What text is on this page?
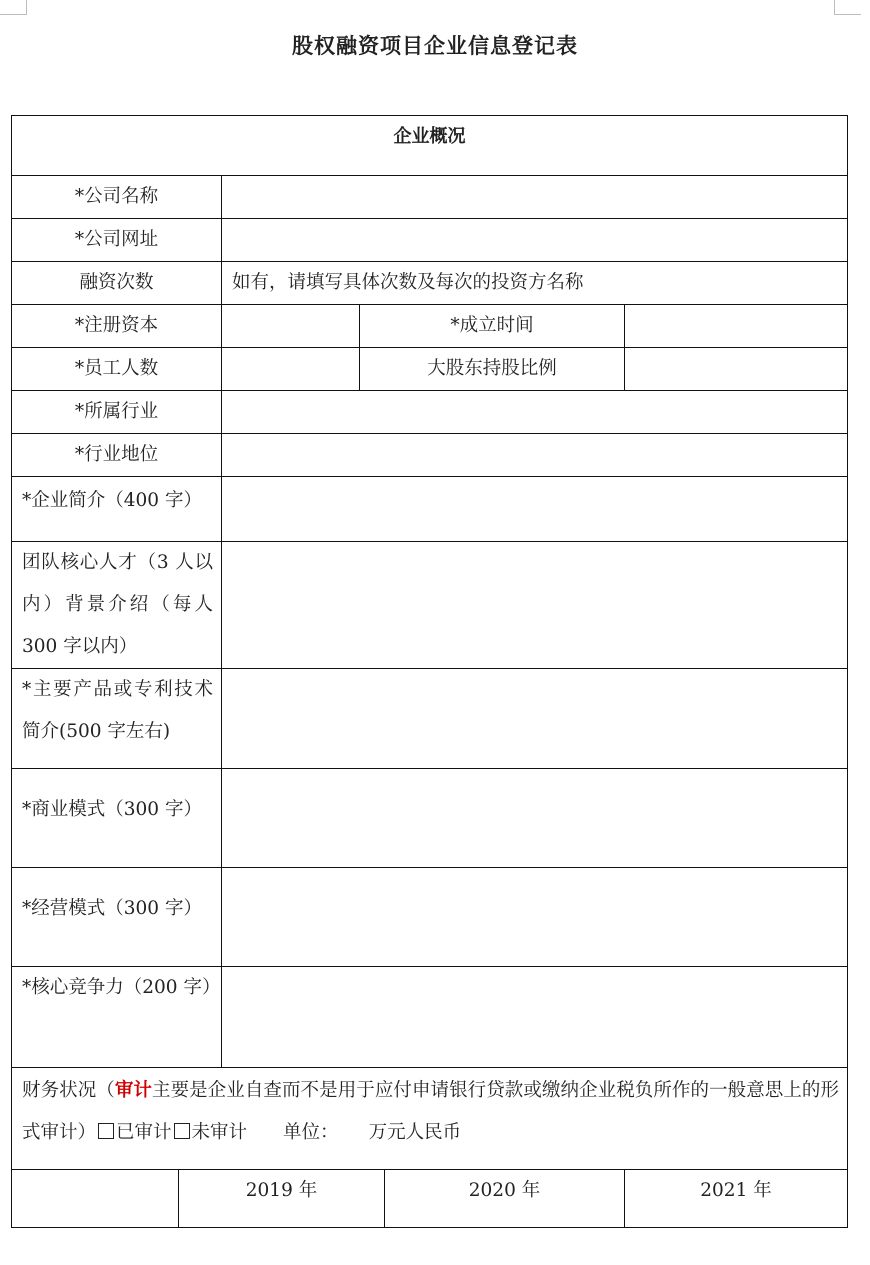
股权融资项目企业信息登记表
企业概况
*公司名称
*公司网址
融资次数	如有，请填写具体次数及每次的投资方名称
*注册资本	*成立时间
*员工人数	大股东持股比例
*所属行业
*行业地位
*企业简介（400 字）
团队核心人才（3 人以内）背景介绍（每人 300 字以内）
*主要产品或专利技术简介(500 字左右)
*商业模式（300 字）
*经营模式（300 字）
*核心竞争力（200 字）
财务状况（审计主要是企业自查而不是用于应付申请银行贷款或缴纳企业税负所作的一般意思上的形式审计） 已审计 未审计 单位： 万元人民币
2019 年	2020 年	2021 年
